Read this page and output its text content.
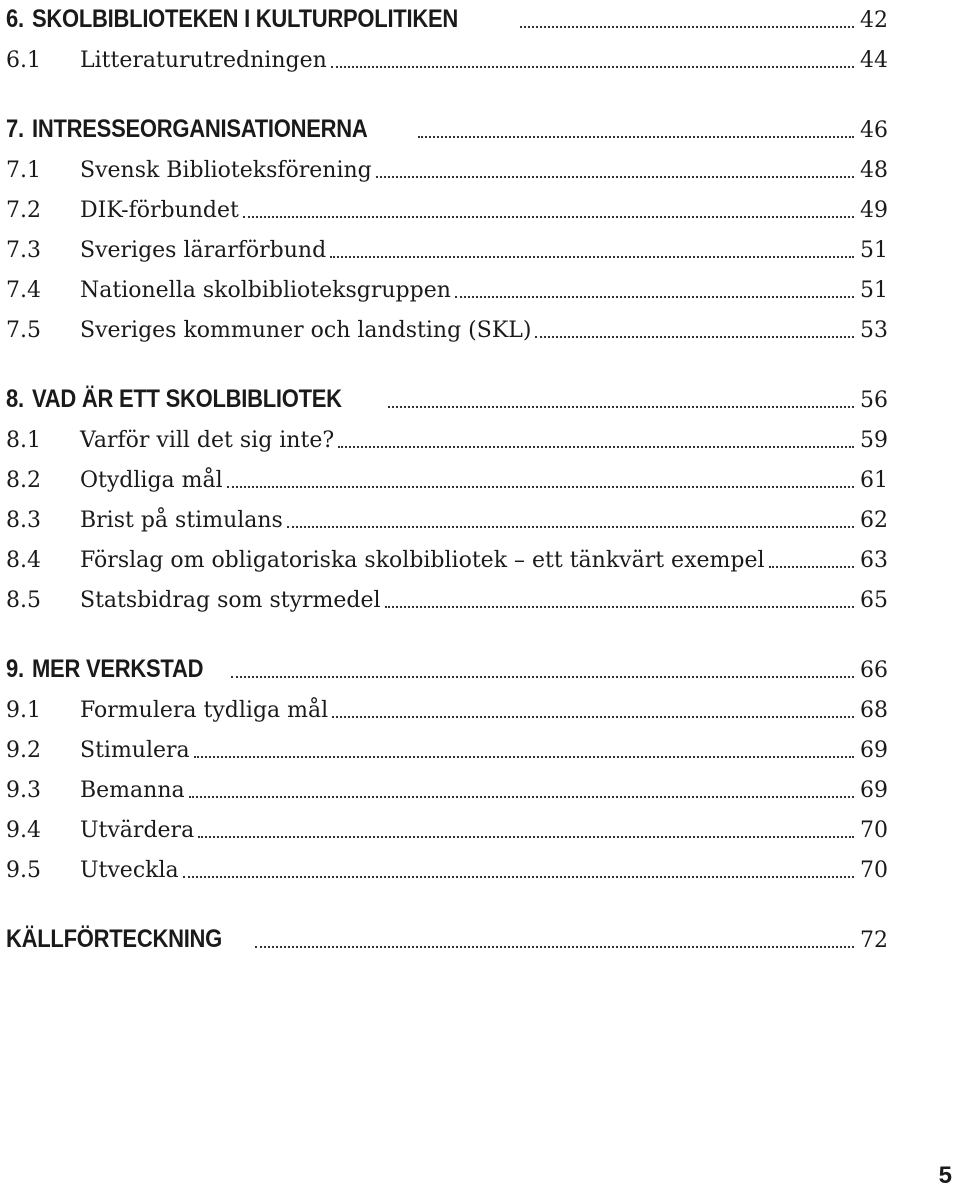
6. SKOLBIBLIOTEKEN I KULTURPOLITIKEN	42
6.1	Litteraturutredningen	44
7. INTRESSEORGANISATIONERNA	46
7.1	Svensk Biblioteksförening	48
7.2	DIK-förbundet	49
7.3	Sveriges lärarförbund	51
7.4	Nationella skolbiblioteksgruppen	51
7.5	Sveriges kommuner och landsting (SKL)	53
8. VAD ÄR ETT SKOLBIBLIOTEK	56
8.1	Varför vill det sig inte?	59
8.2	Otydliga mål	61
8.3	Brist på stimulans	62
8.4	Förslag om obligatoriska skolbibliotek – ett tänkvärt exempel	63
8.5	Statsbidrag som styrmedel	65
9. MER VERKSTAD	66
9.1	Formulera tydliga mål	68
9.2	Stimulera	69
9.3	Bemanna	69
9.4	Utvärdera	70
9.5	Utveckla	70
KÄLLFÖRTECKNING	72
5
